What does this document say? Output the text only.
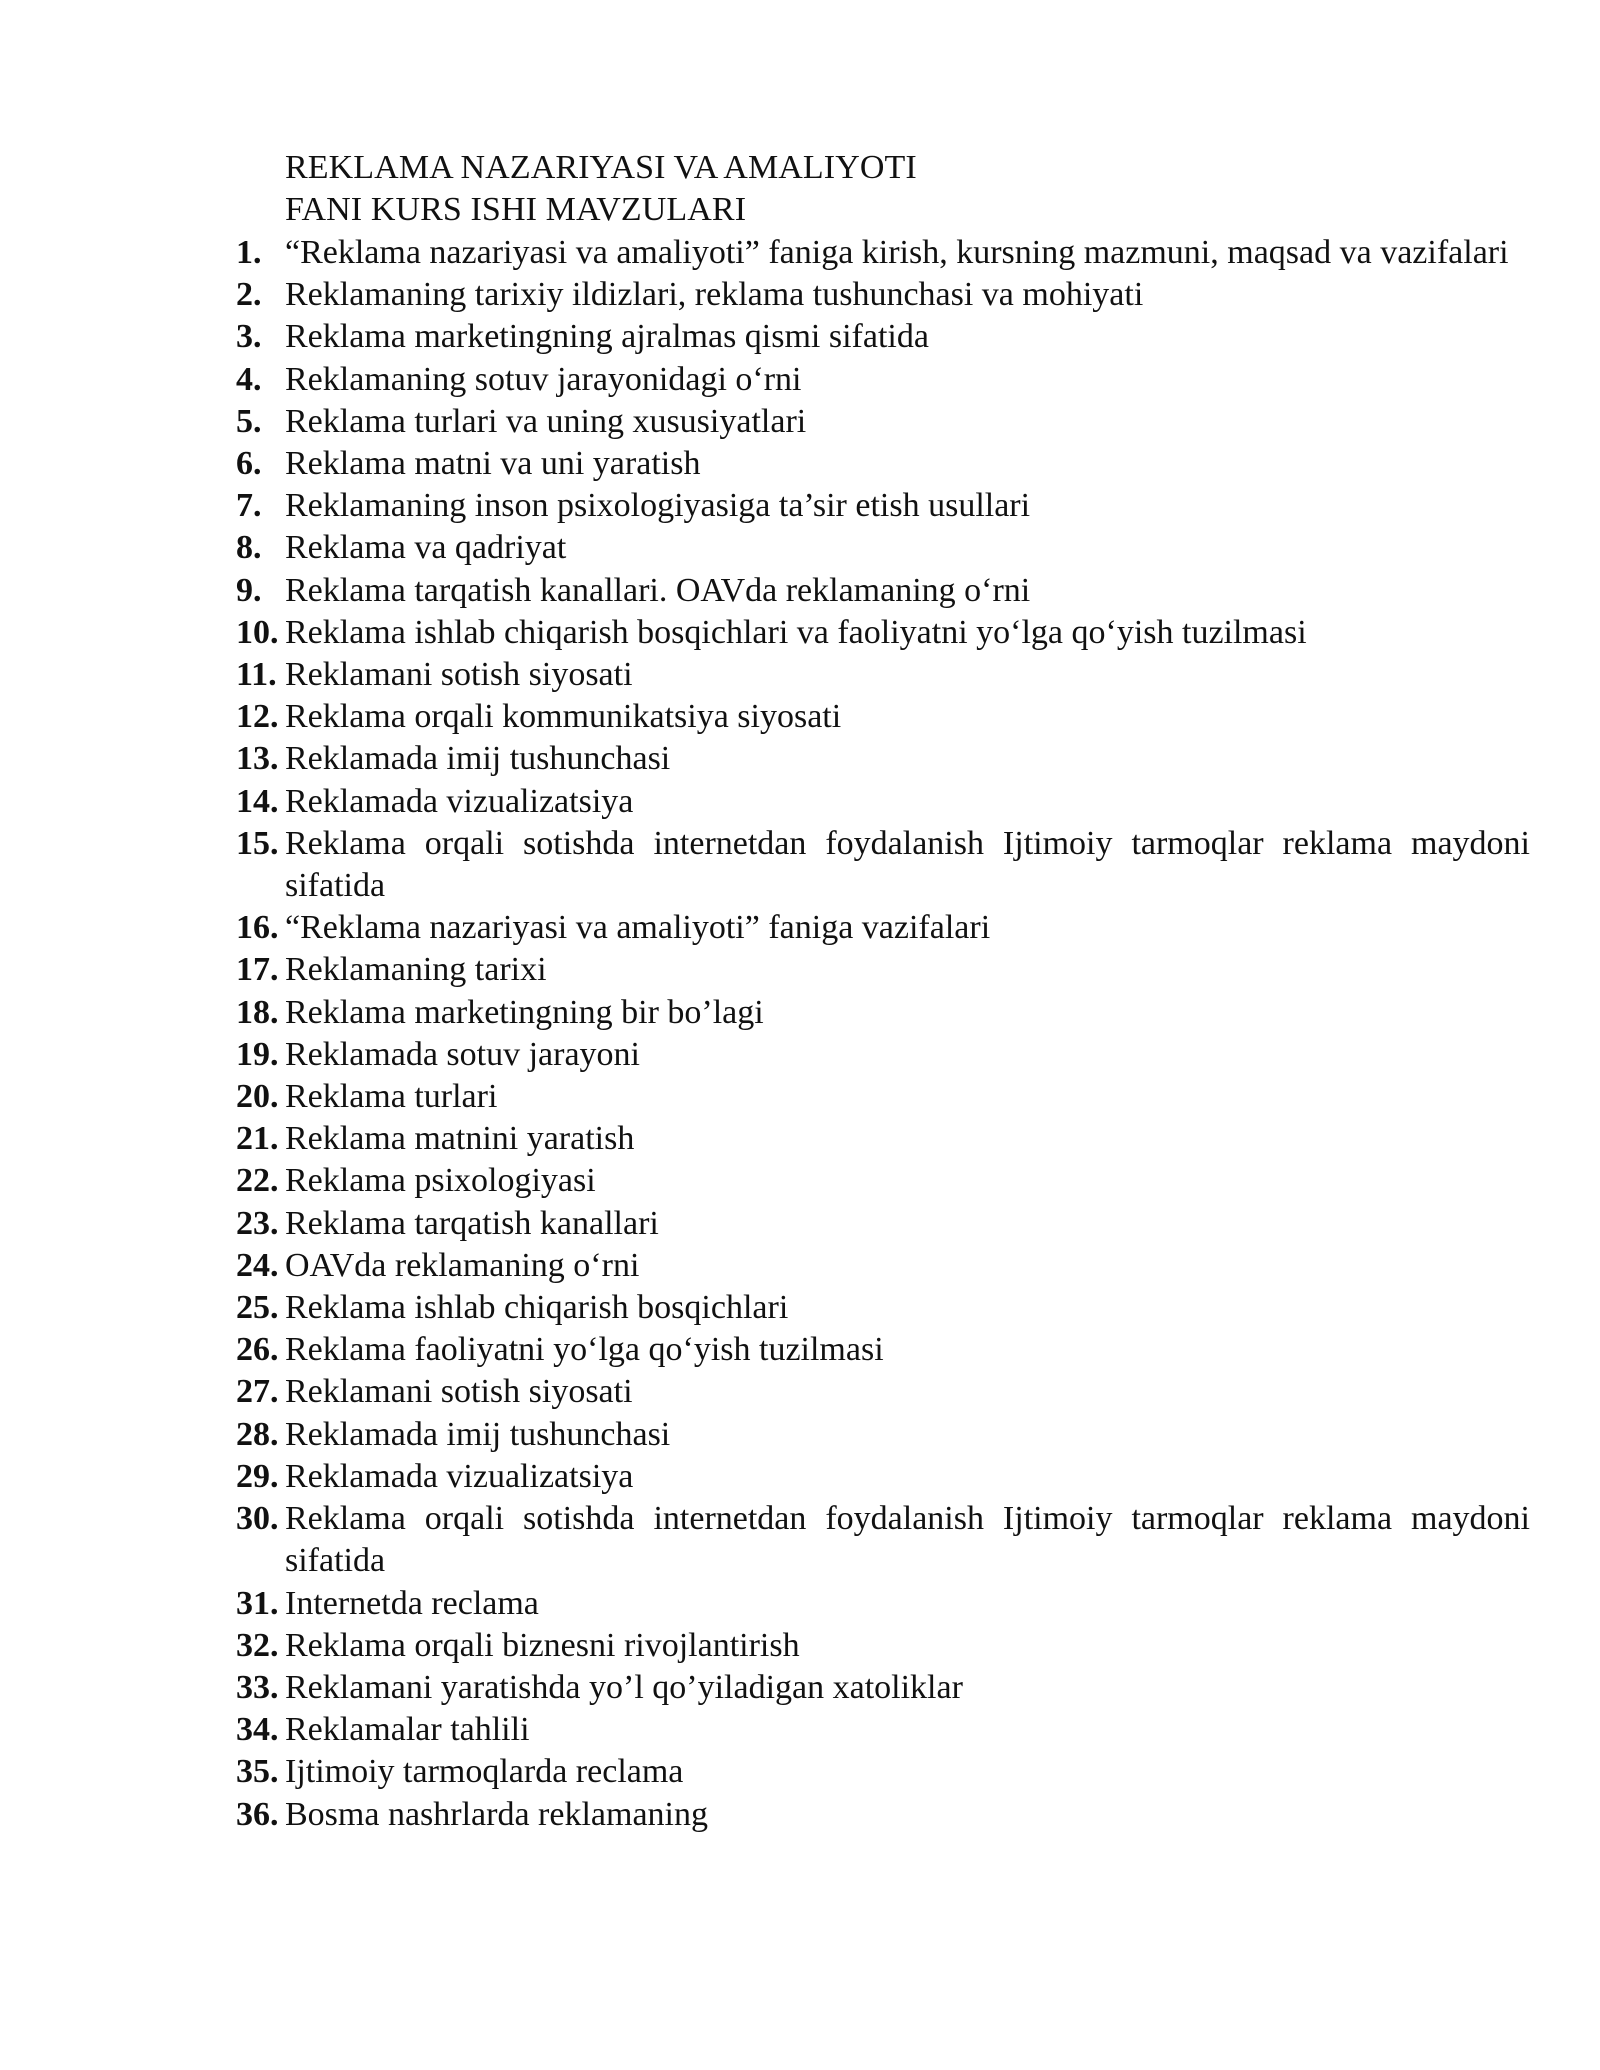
REKLAMA NAZARIYASI VA AMALIYOTI
FANI KURS ISHI MAVZULARI
1. “Reklama nazariyasi va amaliyoti” faniga kirish, kursning mazmuni, maqsad va vazifalari
2. Reklamaning tarixiy ildizlari, reklama tushunchasi va mohiyati
3. Reklama marketingning ajralmas qismi sifatida
4. Reklamaning sotuv jarayonidagi o‘rni
5. Reklama turlari va uning xususiyatlari
6. Reklama matni va uni yaratish
7. Reklamaning inson psixologiyasiga ta’sir etish usullari
8. Reklama va qadriyat
9. Reklama tarqatish kanallari. OAVda reklamaning o‘rni
10. Reklama ishlab chiqarish bosqichlari va faoliyatni yo‘lga qo‘yish tuzilmasi
11. Reklamani sotish siyosati
12. Reklama orqali kommunikatsiya siyosati
13. Reklamada imij tushunchasi
14. Reklamada vizualizatsiya
15. Reklama orqali sotishda internetdan foydalanish Ijtimoiy tarmoqlar reklama maydoni sifatida
16. “Reklama nazariyasi va amaliyoti” faniga vazifalari
17. Reklamaning tarixi
18. Reklama marketingning bir bo’lagi
19. Reklamada sotuv jarayoni
20. Reklama turlari
21. Reklama matnini yaratish
22. Reklama psixologiyasi
23. Reklama tarqatish kanallari
24. OAVda reklamaning o‘rni
25. Reklama ishlab chiqarish bosqichlari
26. Reklama faoliyatni yo‘lga qo‘yish tuzilmasi
27. Reklamani sotish siyosati
28. Reklamada imij tushunchasi
29. Reklamada vizualizatsiya
30. Reklama orqali sotishda internetdan foydalanish Ijtimoiy tarmoqlar reklama maydoni sifatida
31. Internetda reclama
32. Reklama orqali biznesni rivojlantirish
33. Reklamani yaratishda yo’l qo’yiladigan xatoliklar
34. Reklamalar tahlili
35. Ijtimoiy tarmoqlarda reclama
36. Bosma nashrlarda reklamaning
